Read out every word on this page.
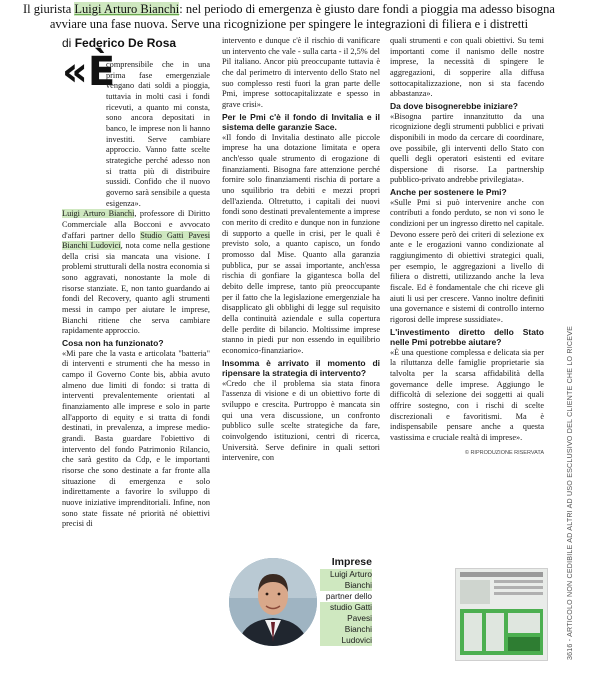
Il giurista Luigi Arturo Bianchi: nel periodo di emergenza è giusto dare fondi a pioggia ma adesso bisogna avviare una fase nuova. Serve una ricognizione per spingere le integrazioni di filiera e i distretti
di Federico De Rosa
«È

comprensibile che in una prima fase emergenziale vengano dati soldi a pioggia, tuttavia in molti casi i fondi ricevuti, a quanto mi consta, sono ancora depositati in banco, le imprese non li hanno investiti. Serve cambiare approccio. Vanno fatte scelte strategiche perché adesso non si tratta più di distribuire sussidi. Confido che il nuovo governo sarà sensibile a questa esigenza».

Luigi Arturo Bianchi, professore di Diritto Commerciale alla Bocconi e avvocato d'affari partner dello Studio Gatti Pavesi Bianchi Ludovici, nota come nella gestione della crisi sia mancata una visione. I problemi strutturali della nostra economia si sono aggravati, nonostante la mole di risorse stanziate. E, non tanto guardando ai fondi del Recovery, quanto agli strumenti messi in campo per aiutare le imprese, Bianchi ritiene che serva cambiare rapidamente approccio.

Cosa non ha funzionato?

«Mi pare che la vasta e articolata "batteria" di interventi e strumenti che ha messo in campo il Governo Conte bis, abbia avuto almeno due limiti di fondo: si tratta di interventi prevalentemente orientati al finanziamento alle imprese e solo in parte all'apporto di equity e si tratta di fondi destinati, in prevalenza, a imprese medio-grandi. Basta guardare l'obiettivo di intervento del fondo Patrimonio Rilancio, che sarà gestito da Cdp, e le importanti risorse che sono destinate a far fronte alla situazione di emergenza e solo indirettamente a favorire lo sviluppo di nuove iniziative imprenditoriali. Infine, non sono state fissate né priorità né obiettivi precisi di

intervento e dunque c'è il rischio di vanificare un intervento che vale - sulla carta - il 2,5% del Pil italiano. Ancor più preoccupante tuttavia è che dal perimetro di intervento dello Stato nel suo complesso resti fuori la gran parte delle Pmi, imprese sottocapitalizzate e spesso in grave crisi».

Per le Pmi c'è il fondo di Invitalia e il sistema delle garanzie Sace.

«Il fondo di Invitalia destinato alle piccole imprese ha una dotazione limitata e opera anch'esso quale strumento di erogazione di finanziamenti. Bisogna fare attenzione perché fornire solo finanziamenti rischia di portare a uno squilibrio tra debiti e mezzi propri dell'azienda. Oltretutto, i capitali dei nuovi fondi sono destinati prevalentemente a imprese con merito di credito e dunque non in funzione di supporto a quelle in crisi, per le quali è previsto solo, a quanto capisco, un fondo promosso dal Mise. Quanto alla garanzia pubblica, pur se assai importante, anch'essa rischia di gonfiare la gigantesca bolla del debito delle imprese, tanto più preoccupante per il fatto che la legislazione emergenziale ha disapplicato gli obblighi di legge sul requisito della continuità aziendale e sulla copertura delle perdite di bilancio. Moltissime imprese stanno in piedi pur non essendo in equilibrio economico-finanziario».

Insomma è arrivato il momento di ripensare la strategia di intervento?

«Credo che il problema sia stata finora l'assenza di visione e di un obiettivo forte di sviluppo e crescita. Purtroppo è mancata sin qui una vera discussione, un confronto pubblico sulle scelte strategiche da fare, coinvolgendo istituzioni, centri di ricerca, Università. Serve definire in quali settori intervenire, con

quali strumenti e con quali obiettivi. Su temi importanti come il nanismo delle nostre imprese, la necessità di spingere le aggregazioni, di sopperire alla diffusa sottocapitalizzazione, non si sta facendo abbastanza».

Da dove bisognerebbe iniziare?

«Bisogna partire innanzitutto da una ricognizione degli strumenti pubblici e privati disponibili in modo da cercare di coordinare, ove possibile, gli interventi dello Stato con quelli degli operatori esistenti ed evitare dispersione di risorse. La partnership pubblico-privato andrebbe privilegiata».

Anche per sostenere le Pmi?

«Sulle Pmi si può intervenire anche con contributi a fondo perduto, se non vi sono le condizioni per un ingresso diretto nel capitale. Devono essere però dei criteri di selezione ex ante e le erogazioni vanno condizionate al raggiungimento di obiettivi strategici quali, per esempio, le aggregazioni a livello di filiera o distretti, utilizzando anche la leva fiscale. Ed è fondamentale che chi riceve gli aiuti li usi per crescere. Vanno inoltre definiti una governance e sistemi di controllo interno rigorosi delle imprese sussidiate».

L'investimento diretto dello Stato nelle Pmi potrebbe aiutare?

«È una questione complessa e delicata sia per la riluttanza delle famiglie proprietarie sia talvolta per la scarsa affidabilità della governance delle imprese. Aggiungo le difficoltà di selezione dei soggetti ai quali offrire sostegno, con i rischi di scelte discrezionali e favoritismi. Ma è indispensabile pensare anche a questa vastissima e cruciale realtà di imprese».

© RIPRODUZIONE RISERVATA
Imprese
Luigi Arturo Bianchi
partner dello
studio Gatti Pavesi Bianchi Ludovici	3616 - ARTICOLO NON CEDIBILE AD ALTRI AD USO ESCLUSIVO DEL CLIENTE CHE LO RICEVE
